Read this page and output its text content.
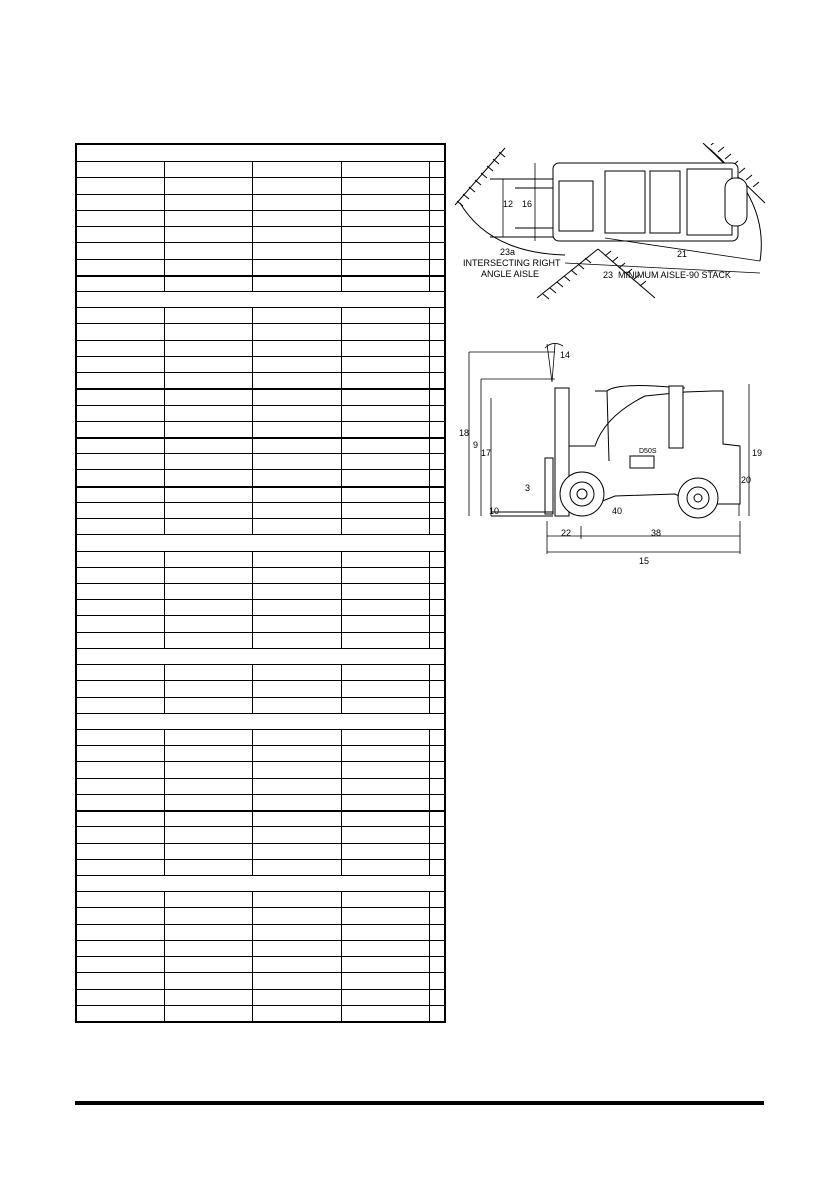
12 16
21
23a
INTERSECTING RIGHT
ANGLE AISLE	23 MINIMUM AISLE-90 STACK
14
18
9
17
3
10	40
19
20
22	38
15
D50S
